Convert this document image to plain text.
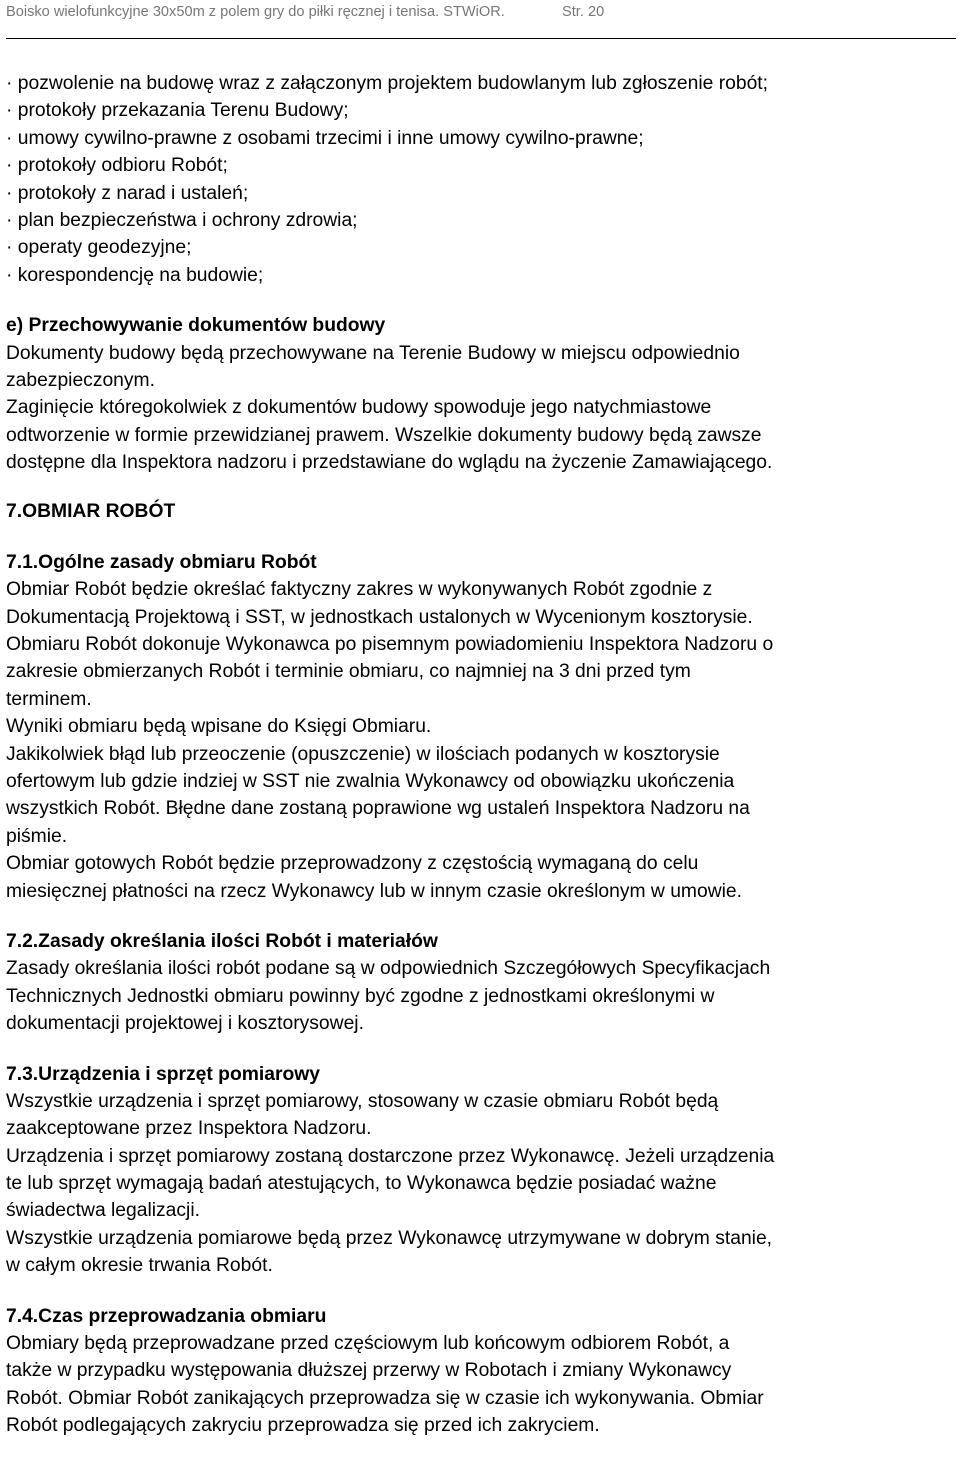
Boisko wielofunkcyjne 30x50m z polem gry do piłki ręcznej i tenisa. STWiOR.	Str. 20
· pozwolenie na budowę wraz z załączonym projektem budowlanym lub zgłoszenie robót;
· protokoły przekazania Terenu Budowy;
· umowy cywilno-prawne z osobami trzecimi i inne umowy cywilno-prawne;
· protokoły odbioru Robót;
· protokoły z narad i ustaleń;
· plan bezpieczeństwa i ochrony zdrowia;
· operaty geodezyjne;
· korespondencję na budowie;
e) Przechowywanie dokumentów budowy
Dokumenty budowy będą przechowywane na Terenie Budowy w miejscu odpowiednio
zabezpieczonym.
Zaginięcie któregokolwiek z dokumentów budowy spowoduje jego natychmiastowe
odtworzenie w formie przewidzianej prawem. Wszelkie dokumenty budowy będą zawsze
dostępne dla Inspektora nadzoru i przedstawiane do wglądu na życzenie Zamawiającego.
7.OBMIAR ROBÓT
7.1.Ogólne zasady obmiaru Robót
Obmiar Robót będzie określać faktyczny zakres w wykonywanych Robót zgodnie z
Dokumentacją Projektową i SST, w jednostkach ustalonych w Wycenionym kosztorysie.
Obmiaru Robót dokonuje Wykonawca po pisemnym powiadomieniu Inspektora Nadzoru o
zakresie obmierzanych Robót i terminie obmiaru, co najmniej na 3 dni przed tym
terminem.
Wyniki obmiaru będą wpisane do Księgi Obmiaru.
Jakikolwiek błąd lub przeoczenie (opuszczenie) w ilościach podanych w kosztorysie
ofertowym lub gdzie indziej w SST nie zwalnia Wykonawcy od obowiązku ukończenia
wszystkich Robót. Błędne dane zostaną poprawione wg ustaleń Inspektora Nadzoru na
piśmie.
Obmiar gotowych Robót będzie przeprowadzony z częstością wymaganą do celu
miesięcznej płatności na rzecz Wykonawcy lub w innym czasie określonym w umowie.
7.2.Zasady określania ilości Robót i materiałów
Zasady określania ilości robót podane są w odpowiednich Szczegółowych Specyfikacjach
Technicznych Jednostki obmiaru powinny być zgodne z jednostkami określonymi w
dokumentacji projektowej i kosztorysowej.
7.3.Urządzenia i sprzęt pomiarowy
Wszystkie urządzenia i sprzęt pomiarowy, stosowany w czasie obmiaru Robót będą
zaakceptowane przez Inspektora Nadzoru.
Urządzenia i sprzęt pomiarowy zostaną dostarczone przez Wykonawcę. Jeżeli urządzenia
te lub sprzęt wymagają badań atestujących, to Wykonawca będzie posiadać ważne
świadectwa legalizacji.
Wszystkie urządzenia pomiarowe będą przez Wykonawcę utrzymywane w dobrym stanie,
w całym okresie trwania Robót.
7.4.Czas przeprowadzania obmiaru
Obmiary będą przeprowadzane przed częściowym lub końcowym odbiorem Robót, a
także w przypadku występowania dłuższej przerwy w Robotach i zmiany Wykonawcy
Robót. Obmiar Robót zanikających przeprowadza się w czasie ich wykonywania. Obmiar
Robót podlegających zakryciu przeprowadza się przed ich zakryciem.
